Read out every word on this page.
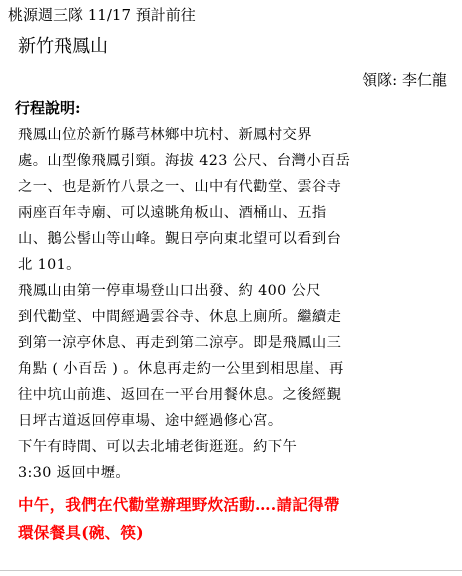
桃源週三隊 11/17 預計前往
新竹飛鳳山
領隊: 李仁龍
行程說明:
飛鳳山位於新竹縣芎林鄉中坑村、新鳳村交界
處。山型像飛鳳引頸。海拔 423 公尺、台灣小百岳
之一、也是新竹八景之一、山中有代勸堂、雲谷寺
兩座百年寺廟、可以遠眺角板山、酒桶山、五指
山、鵝公髻山等山峰。覲日亭向東北望可以看到台
北 101。
飛鳳山由第一停車場登山口出發、約 400 公尺
到代勸堂、中間經過雲谷寺、休息上廁所。繼續走
到第一涼亭休息、再走到第二涼亭。即是飛鳳山三
角點 ( 小百岳 ) 。休息再走約一公里到相思崖、再
往中坑山前進、返回在一平台用餐休息。之後經覲
日坪古道返回停車場、途中經過修心宮。
下午有時間、可以去北埔老街逛逛。約下午
3:30 返回中壢。
中午，我們在代勸堂辦理野炊活動….請記得帶
環保餐具(碗、筷)
